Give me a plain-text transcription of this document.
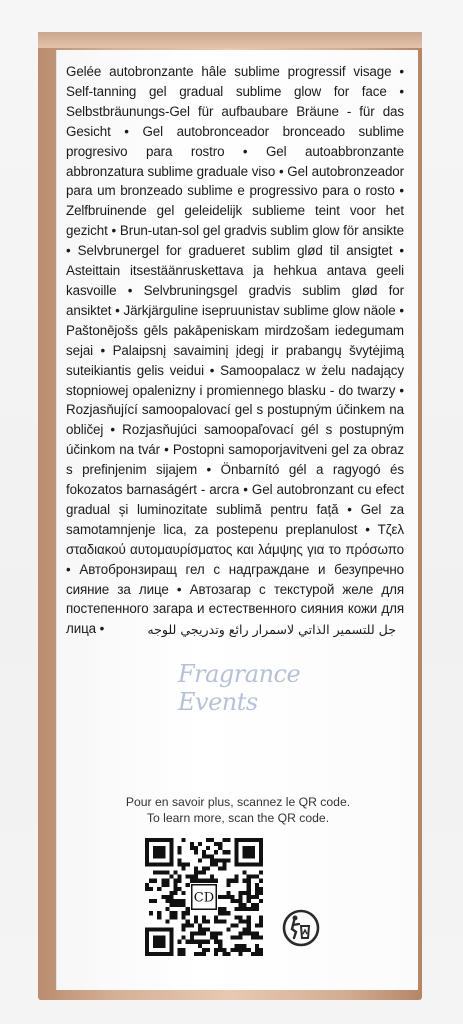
Gelée autobronzante hâle sublime progressif visage • Self-tanning gel gradual sublime glow for face • Selbstbräunungs-Gel für aufbaubare Bräune - für das Gesicht • Gel autobronceador bronceado sublime progresivo para rostro • Gel autoabbronzante abbronzatura sublime graduale viso • Gel autobronzeador para um bronzeado sublime e progressivo para o rosto • Zelfbruinende gel geleidelijk sublieme teint voor het gezicht • Brun-utan-sol gel gradvis sublim glow för ansikte • Selvbrunergel for gradueret sublim glød til ansigtet • Asteittain itsestäänruskettava ja hehkua antava geeli kasvoille • Selvbruningsgel gradvis sublim glød for ansiktet • Järkjärguline isepruunistav sublime glow näole • Paštonējošs gēls pakāpeniskam mirdzošam iedegumam sejai • Palaipsnį savaiminį įdegį ir prabangų švytėjimą suteikiantis gelis veidui • Samoopalacz w żelu nadający stopniowej opalenizny i promiennego blasku - do twarzy • Rozjasňující samoopalovací gel s postupným účinkem na obličej • Rozjasňujúci samoopaľovací gél s postupným účinkom na tvár • Postopni samoporjavitveni gel za obraz s prefinjenim sijajem • Önbarnító gél a ragyogó és fokozatos barnaságért - arcra • Gel autobronzant cu efect gradual și luminozitate sublimă pentru față • Gel za samotamnjenje lica, za postepenu preplanulost • Τζελ σταδιακού αυτομαυρίσματος και λάμψης για το πρόσωπο • Автобронзиращ гел с надграждане и безупречно сияние за лице • Автозагар с текстурой желе для постепенного загара и естественного сияния кожи для лица •	جل للتسمير الذاتي لاسمرار رائع وتدريجي للوجه
Fragrance Events
Pour en savoir plus, scannez le QR code.
To learn more, scan the QR code.
CD
